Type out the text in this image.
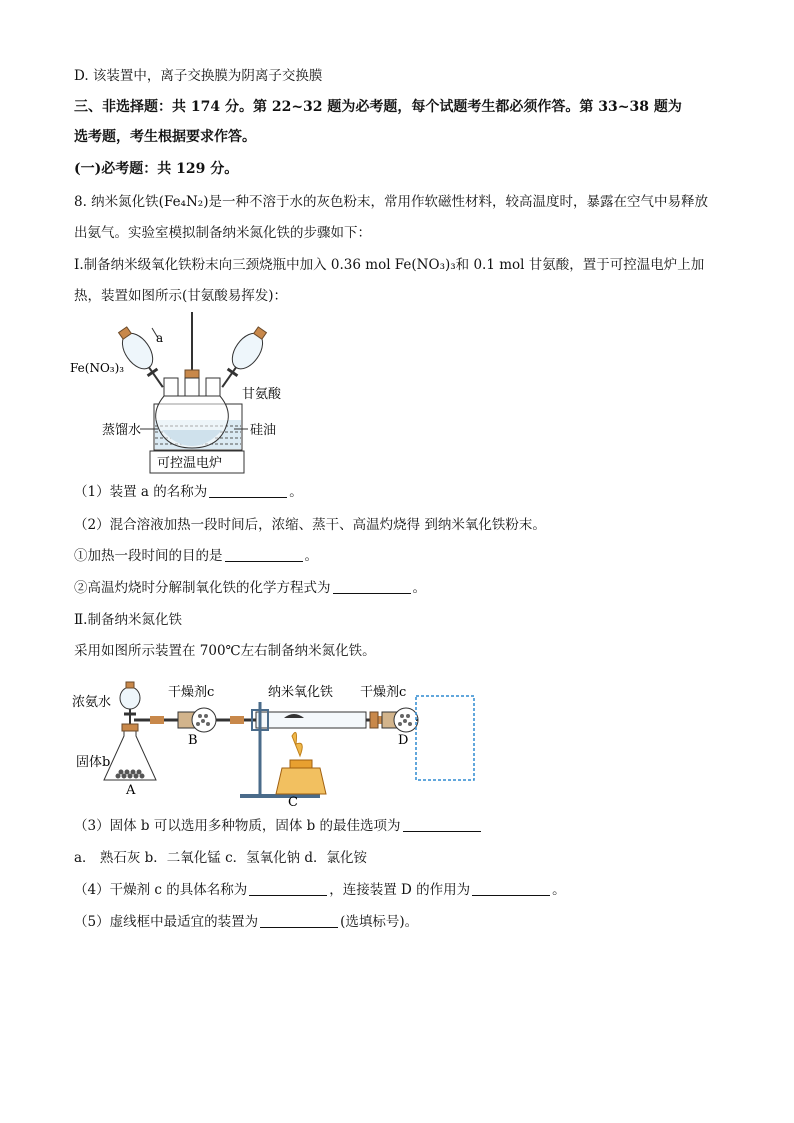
D. 该装置中，离子交换膜为阴离子交换膜
三、非选择题：共 174 分。第 22~32 题为必考题，每个试题考生都必须作答。第 33~38 题为
选考题，考生根据要求作答。
(一)必考题：共 129 分。
8. 纳米氮化铁(Fe₄N₂)是一种不溶于水的灰色粉末，常用作软磁性材料，较高温度时，暴露在空气中易释放
出氨气。实验室模拟制备纳米氮化铁的步骤如下：
Ⅰ.制备纳米级氧化铁粉末向三颈烧瓶中加入 0.36 mol Fe(NO₃)₃和 0.1 mol 甘氨酸，置于可控温电炉上加
热，装置如图所示(甘氨酸易挥发)：
a
Fe(NO₃)₃
甘氨酸
蒸馏水	硅油
可控温电炉
（1）装置 a 的名称为	。
（2）混合溶液加热一段时间后，浓缩、蒸干、高温灼烧得 到纳米氧化铁粉末。
①加热一段时间的目的是	。
②高温灼烧时分解制氧化铁的化学方程式为	。
Ⅱ.制备纳米氮化铁
采用如图所示装置在 700℃左右制备纳米氮化铁。
浓氨水
固体b
A
干燥剂c
B
纳米氧化铁
C
干燥剂c
D
（3）固体 b 可以选用多种物质，固体 b 的最佳选项为
a． 熟石灰 b．二氧化锰 c．氢氧化钠 d．氯化铵
（4）干燥剂 c 的具体名称为	，连接装置 D 的作用为	。
（5）虚线框中最适宜的装置为	(选填标号)。
